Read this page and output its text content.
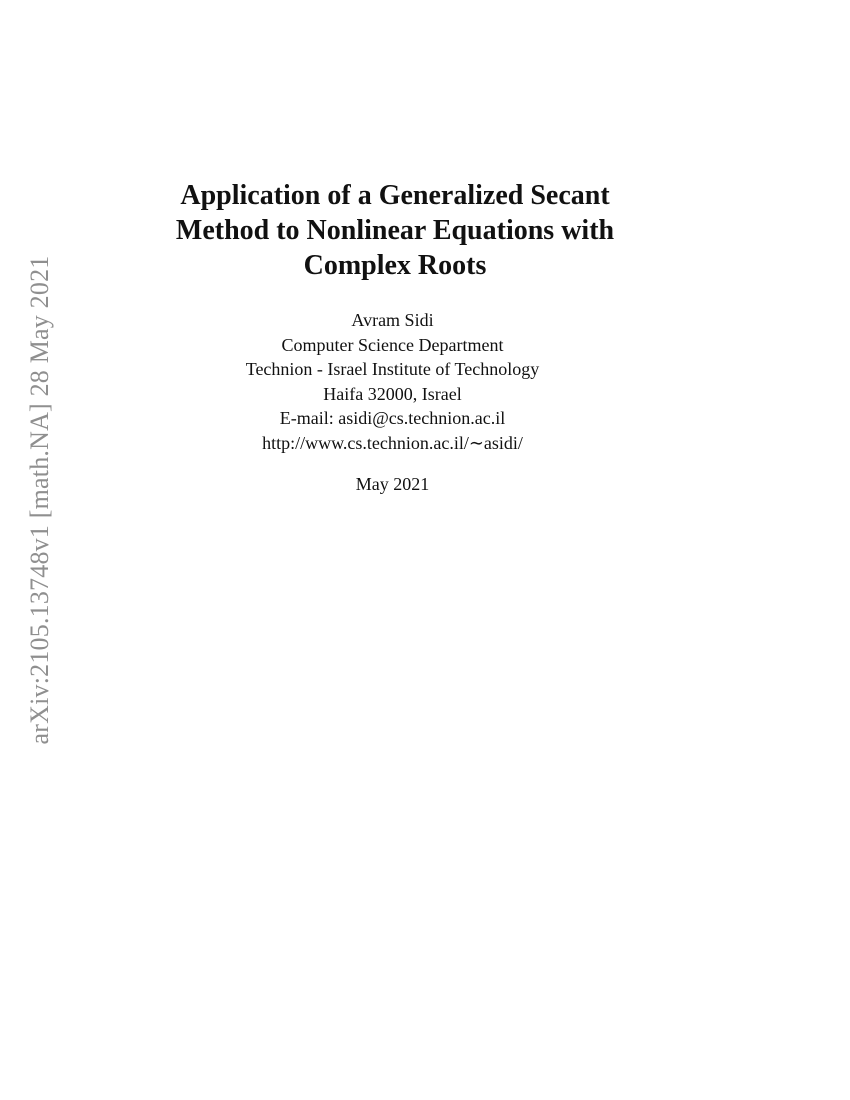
arXiv:2105.13748v1 [math.NA] 28 May 2021
Application of a Generalized Secant
Method to Nonlinear Equations with
Complex Roots
Avram Sidi
Computer Science Department
Technion - Israel Institute of Technology
Haifa 32000, Israel
E-mail: asidi@cs.technion.ac.il
http://www.cs.technion.ac.il/∼asidi/
May 2021
